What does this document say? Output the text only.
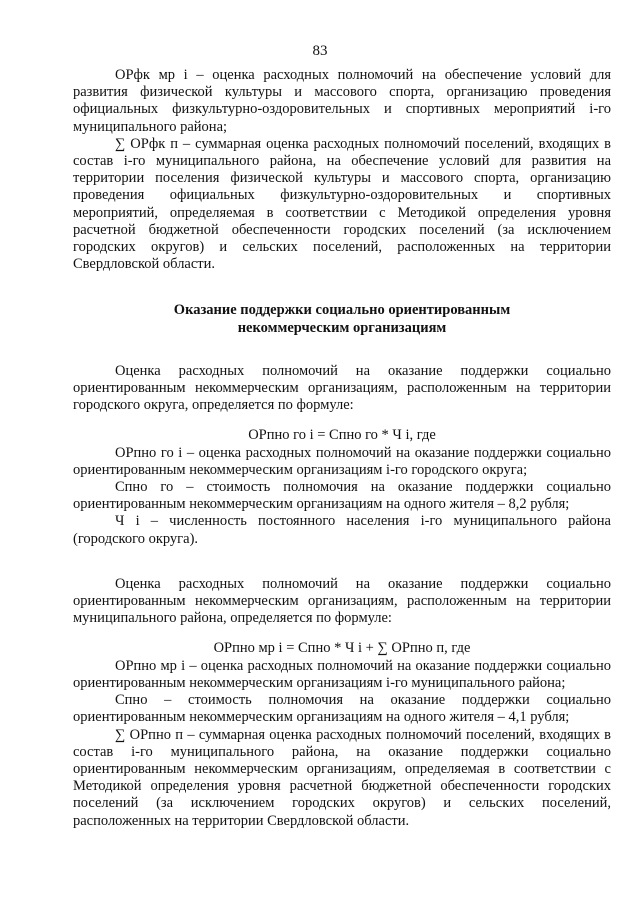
83

ОРфк мр i – оценка расходных полномочий на обеспечение условий для развития физической культуры и массового спорта, организацию проведения официальных физкультурно-оздоровительных и спортивных мероприятий i-го муниципального района;

∑ ОРфк п – суммарная оценка расходных полномочий поселений, входящих в состав i-го муниципального района, на обеспечение условий для развития на территории поселения физической культуры и массового спорта, организацию проведения официальных физкультурно-оздоровительных и спортивных мероприятий, определяемая в соответствии с Методикой определения уровня расчетной бюджетной обеспеченности городских поселений (за исключением городских округов) и сельских поселений, расположенных на территории Свердловской области.

Оказание поддержки социально ориентированным

некоммерческим организациям

Оценка расходных полномочий на оказание поддержки социально ориентированным некоммерческим организациям, расположенным на территории городского округа, определяется по формуле:

ОРпно го i = Спно го * Ч i, где

ОРпно го i – оценка расходных полномочий на оказание поддержки социально ориентированным некоммерческим организациям i-го городского округа;

Спно го – стоимость полномочия на оказание поддержки социально ориентированным некоммерческим организациям на одного жителя – 8,2 рубля;

Ч i – численность постоянного населения i-го муниципального района (городского округа).

Оценка расходных полномочий на оказание поддержки социально ориентированным некоммерческим организациям, расположенным на территории муниципального района, определяется по формуле:

ОРпно мр i = Спно * Ч i + ∑ ОРпно п, где

ОРпно мр i – оценка расходных полномочий на оказание поддержки социально ориентированным некоммерческим организациям i-го муниципального района;

Спно – стоимость полномочия на оказание поддержки социально ориентированным некоммерческим организациям на одного жителя – 4,1 рубля;

∑ ОРпно п – суммарная оценка расходных полномочий поселений, входящих в состав i-го муниципального района, на оказание поддержки социально ориентированным некоммерческим организациям, определяемая в соответствии с Методикой определения уровня расчетной бюджетной обеспеченности городских поселений (за исключением городских округов) и сельских поселений, расположенных на территории Свердловской области.
